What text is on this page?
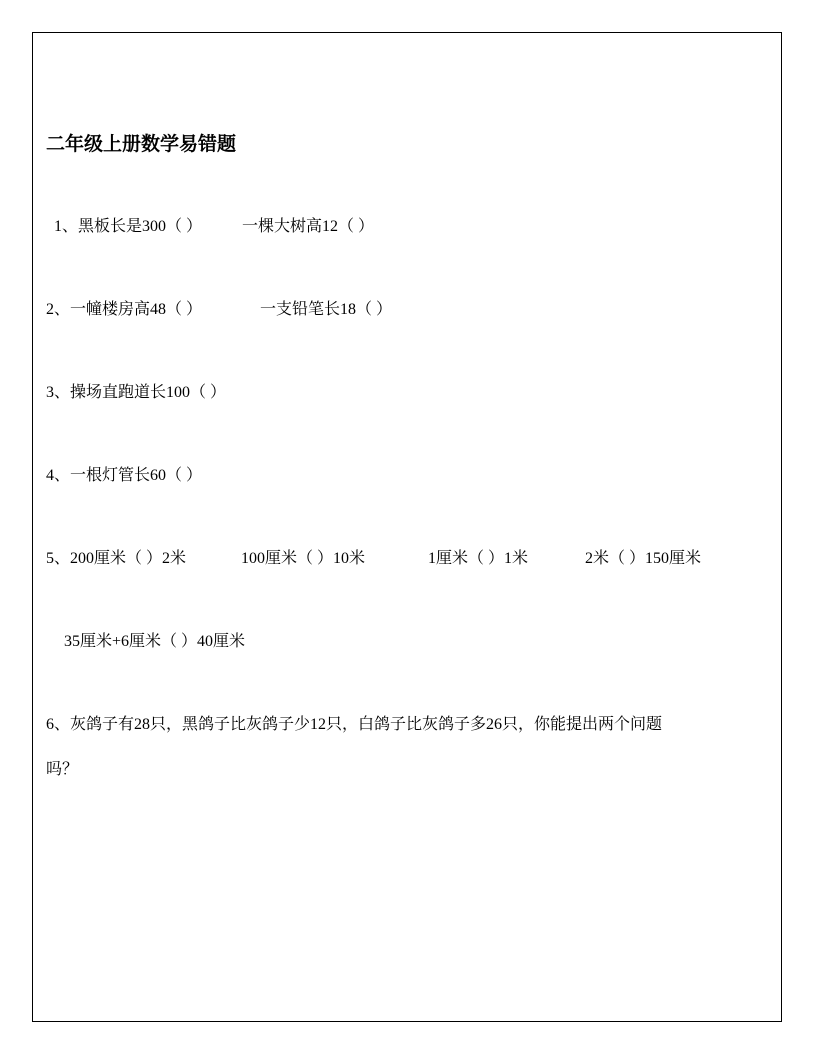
二年级上册数学易错题
1、黑板长是300（ ） 一棵大树高12（ ）
2、一幢楼房高48（ ）	一支铅笔长18（ ）
3、操场直跑道长100（ ）
4、一根灯管长60（ ）
5、200厘米（ ）2米	100厘米（ ）10米	1厘米（ ）1米	2米（ ）150厘米
35厘米+6厘米（ ）40厘米
6、灰鸽子有28只，黑鸽子比灰鸽子少12只，白鸽子比灰鸽子多26只，你能提出两个问题
吗？
